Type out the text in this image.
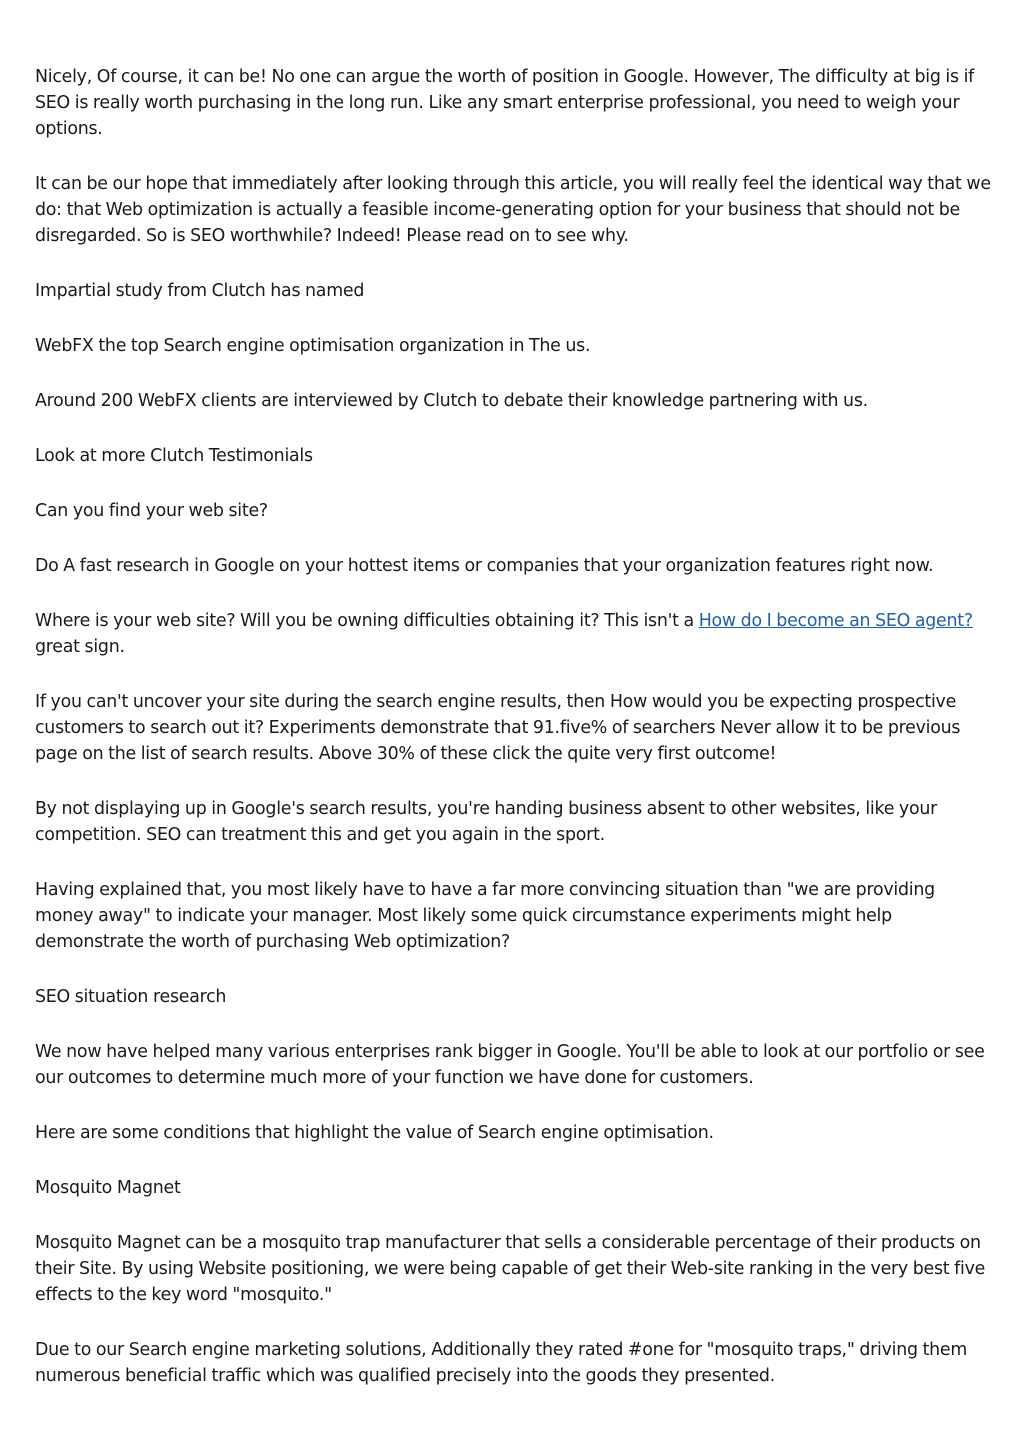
Nicely, Of course, it can be! No one can argue the worth of position in Google. However, The difficulty at big is if SEO is really worth purchasing in the long run. Like any smart enterprise professional, you need to weigh your options.

It can be our hope that immediately after looking through this article, you will really feel the identical way that we do: that Web optimization is actually a feasible income-generating option for your business that should not be disregarded. So is SEO worthwhile? Indeed! Please read on to see why.

Impartial study from Clutch has named

WebFX the top Search engine optimisation organization in The us.

Around 200 WebFX clients are interviewed by Clutch to debate their knowledge partnering with us.

Look at more Clutch Testimonials

Can you find your web site?

Do A fast research in Google on your hottest items or companies that your organization features right now.

Where is your web site? Will you be owning difficulties obtaining it? This isn't a How do I become an SEO agent? great sign.

If you can't uncover your site during the search engine results, then How would you be expecting prospective customers to search out it? Experiments demonstrate that 91.five% of searchers Never allow it to be previous page on the list of search results. Above 30% of these click the quite very first outcome!

By not displaying up in Google's search results, you're handing business absent to other websites, like your competition. SEO can treatment this and get you again in the sport.

Having explained that, you most likely have to have a far more convincing situation than "we are providing money away" to indicate your manager. Most likely some quick circumstance experiments might help demonstrate the worth of purchasing Web optimization?

SEO situation research

We now have helped many various enterprises rank bigger in Google. You'll be able to look at our portfolio or see our outcomes to determine much more of your function we have done for customers.

Here are some conditions that highlight the value of Search engine optimisation.

Mosquito Magnet

Mosquito Magnet can be a mosquito trap manufacturer that sells a considerable percentage of their products on their Site. By using Website positioning, we were being capable of get their Web-site ranking in the very best five effects to the key word "mosquito."

Due to our Search engine marketing solutions, Additionally they rated #one for "mosquito traps," driving them numerous beneficial traffic which was qualified precisely into the goods they presented.
